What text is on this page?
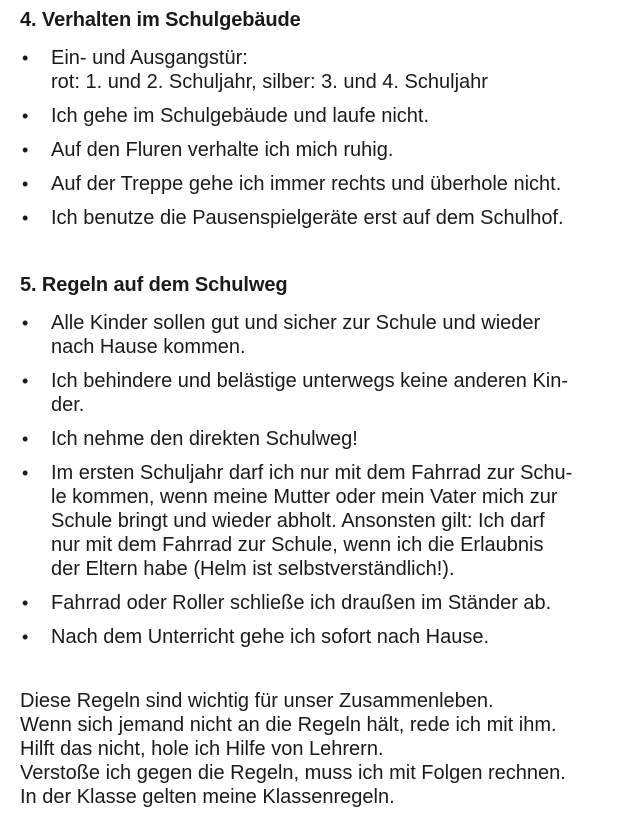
4. Verhalten im Schulgebäude
• Ein- und Ausgangstür:
rot: 1. und 2. Schuljahr, silber: 3. und 4. Schuljahr
• Ich gehe im Schulgebäude und laufe nicht.
• Auf den Fluren verhalte ich mich ruhig.
• Auf der Treppe gehe ich immer rechts und überhole nicht.
• Ich benutze die Pausenspielgeräte erst auf dem Schulhof.
5. Regeln auf dem Schulweg
• Alle Kinder sollen gut und sicher zur Schule und wieder
nach Hause kommen.
• Ich behindere und belästige unterwegs keine anderen Kin-
der.
• Ich nehme den direkten Schulweg!
• Im ersten Schuljahr darf ich nur mit dem Fahrrad zur Schu-
le kommen, wenn meine Mutter oder mein Vater mich zur
Schule bringt und wieder abholt. Ansonsten gilt: Ich darf
nur mit dem Fahrrad zur Schule, wenn ich die Erlaubnis
der Eltern habe (Helm ist selbstverständlich!).
• Fahrrad oder Roller schließe ich draußen im Ständer ab.
• Nach dem Unterricht gehe ich sofort nach Hause.
Diese Regeln sind wichtig für unser Zusammenleben.
Wenn sich jemand nicht an die Regeln hält, rede ich mit ihm.
Hilft das nicht, hole ich Hilfe von Lehrern.
Verstoße ich gegen die Regeln, muss ich mit Folgen rechnen.
In der Klasse gelten meine Klassenregeln.
